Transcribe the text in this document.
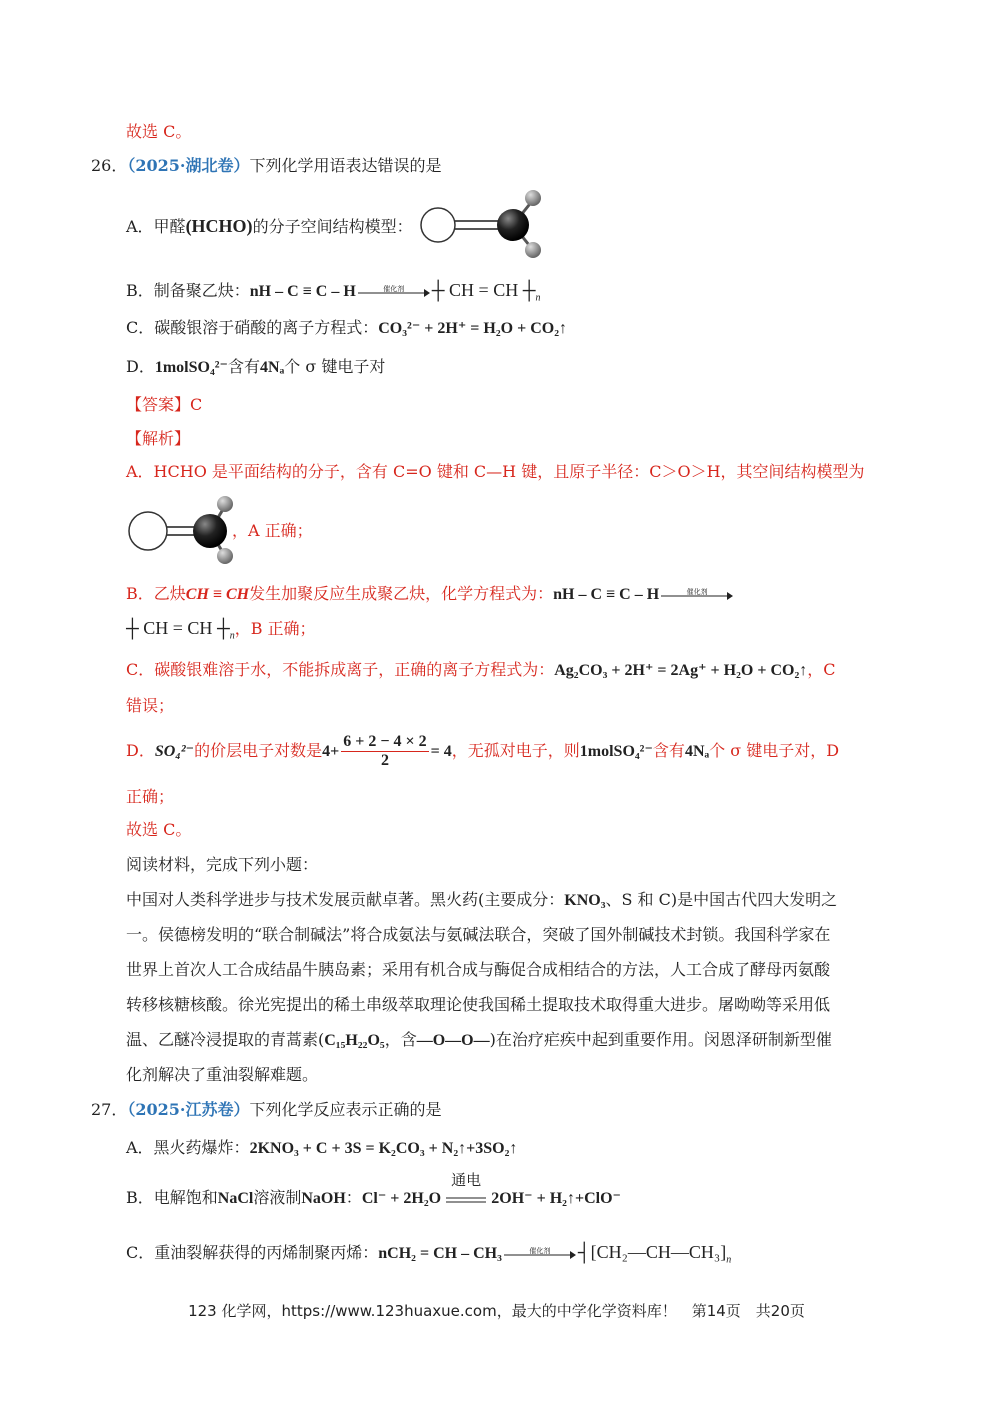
故选 C。
26．（2025·湖北卷）下列化学用语表达错误的是
A．甲醛(HCHO)的分子空间结构模型：
B．制备聚乙炔：nH – C ≡ C – H	催化剂	┼ CH = CH $┼_n$
C．碳酸银溶于硝酸的离子方程式：CO₃²⁻ + 2H⁺ = H₂O + CO₂↑
D．1molSO₄²⁻含有4Nₐ个 σ 键电子对
【答案】C
【解析】
A．HCHO 是平面结构的分子，含有 C=O 键和 C—H 键，且原子半径：C＞O＞H，其空间结构模型为
，A 正确；
B．乙炔CH ≡ CH发生加聚反应生成聚乙炔，化学方程式为：nH – C ≡ C – H	催化剂
┼ CH = CH $┼_n$，B 正确；
C．碳酸银难溶于水，不能拆成离子，正确的离子方程式为：Ag₂CO₃ + 2H⁺ = 2Ag⁺ + H₂O + CO₂↑，C
错误；
D．SO₄²⁻的价层电子对数是$4+ \frac{6 + 2 - 4 \times 2}{2} = 4$，无孤对电子，则1molSO₄²⁻含有4Nₐ个 σ 键电子对，D
正确；
故选 C。
阅读材料，完成下列小题：
中国对人类科学进步与技术发展贡献卓著。黑火药(主要成分：KNO₃、S 和 C)是中国古代四大发明之
一。侯德榜发明的“联合制碱法”将合成氨法与氨碱法联合，突破了国外制碱技术封锁。我国科学家在
世界上首次人工合成结晶牛胰岛素；采用有机合成与酶促合成相结合的方法，人工合成了酵母丙氨酸
转移核糖核酸。徐光宪提出的稀土串级萃取理论使我国稀土提取技术取得重大进步。屠呦呦等采用低
温、乙醚冷浸提取的青蒿素(C₁₅H₂₂O₅，含—O—O—)在治疗疟疾中起到重要作用。闵恩泽研制新型催
化剂解决了重油裂解难题。
27．（2025·江苏卷）下列化学反应表示正确的是
A．黑火药爆炸：2KNO₃ + C + 3S = K₂CO₃ + N₂↑+3SO₂↑
B．电解饱和NaCl溶液制NaOH：Cl⁻ + 2H₂O
通电
2OH⁻ + H₂↑+ClO⁻
C．重油裂解获得的丙烯制聚丙烯：nCH₂ = CH – CH₃	催化剂	$┤[CH_2—CH—CH_3]_n$
123 化学网，https://www.123huaxue.com，最大的中学化学资料库！　第14页　共20页
